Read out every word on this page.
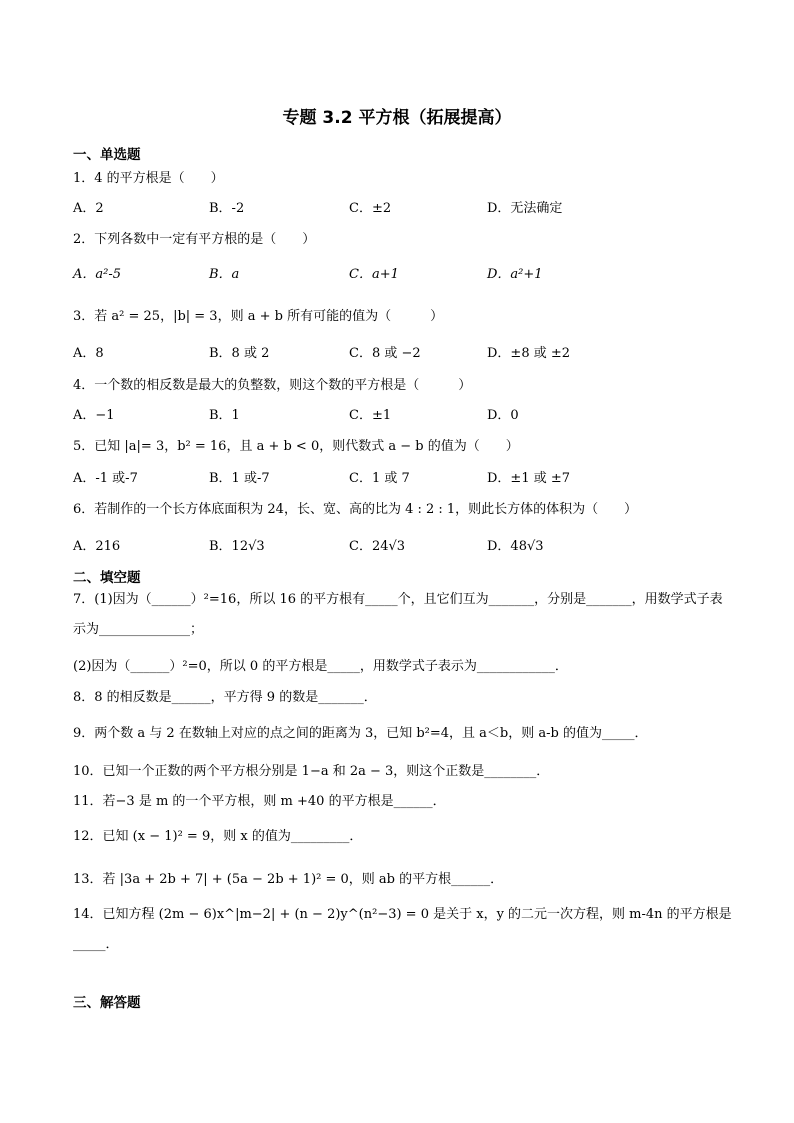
专题 3.2 平方根（拓展提高）
一、单选题
1．4 的平方根是（　　）
A．2	B．-2	C．±2	D．无法确定
2．下列各数中一定有平方根的是（　　）
A．a²-5	B．a	C．a+1	D．a²+1
3．若 a² = 25，|b| = 3，则 a + b 所有可能的值为（　　　）
A．8	B．8 或 2	C．8 或 −2	D．±8 或 ±2
4．一个数的相反数是最大的负整数，则这个数的平方根是（　　　）
A．−1	B．1	C．±1	D．0
5．已知 |a|= 3，b² = 16，且 a + b < 0，则代数式 a − b 的值为（　　）
A．-1 或-7	B．1 或-7	C．1 或 7	D．±1 或 ±7
6．若制作的一个长方体底面积为 24，长、宽、高的比为 4 : 2 : 1，则此长方体的体积为（　　）
A．216	B．12√3	C．24√3	D．48√3
二、填空题
7．(1)因为（______）²=16，所以 16 的平方根有_____个，且它们互为_______，分别是_______，用数学式子表示为______________；
(2)因为（______）²=0，所以 0 的平方根是_____，用数学式子表示为____________．
8．8 的相反数是______，平方得 9 的数是_______．
9．两个数 a 与 2 在数轴上对应的点之间的距离为 3，已知 b²=4，且 a＜b，则 a-b 的值为_____．
10．已知一个正数的两个平方根分别是 1−a 和 2a − 3，则这个正数是________．
11．若−3 是 m 的一个平方根，则 m +40 的平方根是______．
12．已知 (x − 1)² = 9，则 x 的值为_________．
13．若 |3a + 2b + 7| + (5a − 2b + 1)² = 0，则 ab 的平方根______．
14．已知方程 (2m − 6)x^|m−2| + (n − 2)y^(n²−3) = 0 是关于 x，y 的二元一次方程，则 m-4n 的平方根是_____．
三、解答题
